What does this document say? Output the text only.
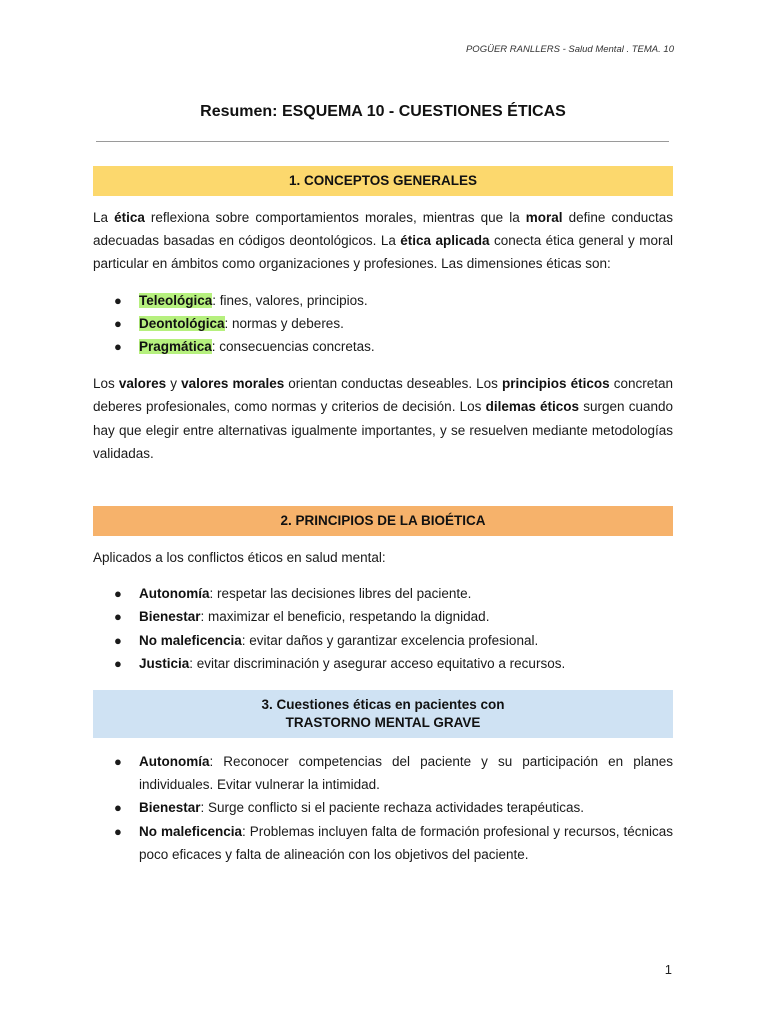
POGÜER RANLLERS - Salud Mental . TEMA. 10
Resumen: ESQUEMA 10 - CUESTIONES ÉTICAS
1. CONCEPTOS GENERALES

La ética reflexiona sobre comportamientos morales, mientras que la moral define conductas adecuadas basadas en códigos deontológicos. La ética aplicada conecta ética general y moral particular en ámbitos como organizaciones y profesiones. Las dimensiones éticas son:

● Teleológica: fines, valores, principios.
● Deontológica: normas y deberes.
● Pragmática: consecuencias concretas.

Los valores y valores morales orientan conductas deseables. Los principios éticos concretan deberes profesionales, como normas y criterios de decisión. Los dilemas éticos surgen cuando hay que elegir entre alternativas igualmente importantes, y se resuelven mediante metodologías validadas.

2. PRINCIPIOS DE LA BIOÉTICA

Aplicados a los conflictos éticos en salud mental:

● Autonomía: respetar las decisiones libres del paciente.
● Bienestar: maximizar el beneficio, respetando la dignidad.
● No maleficencia: evitar daños y garantizar excelencia profesional.
● Justicia: evitar discriminación y asegurar acceso equitativo a recursos.
3. Cuestiones éticas en pacientes con
TRASTORNO MENTAL GRAVE
● Autonomía: Reconocer competencias del paciente y su participación en planes individuales. Evitar vulnerar la intimidad.
● Bienestar: Surge conflicto si el paciente rechaza actividades terapéuticas.
● No maleficencia: Problemas incluyen falta de formación profesional y recursos, técnicas poco eficaces y falta de alineación con los objetivos del paciente.
1
